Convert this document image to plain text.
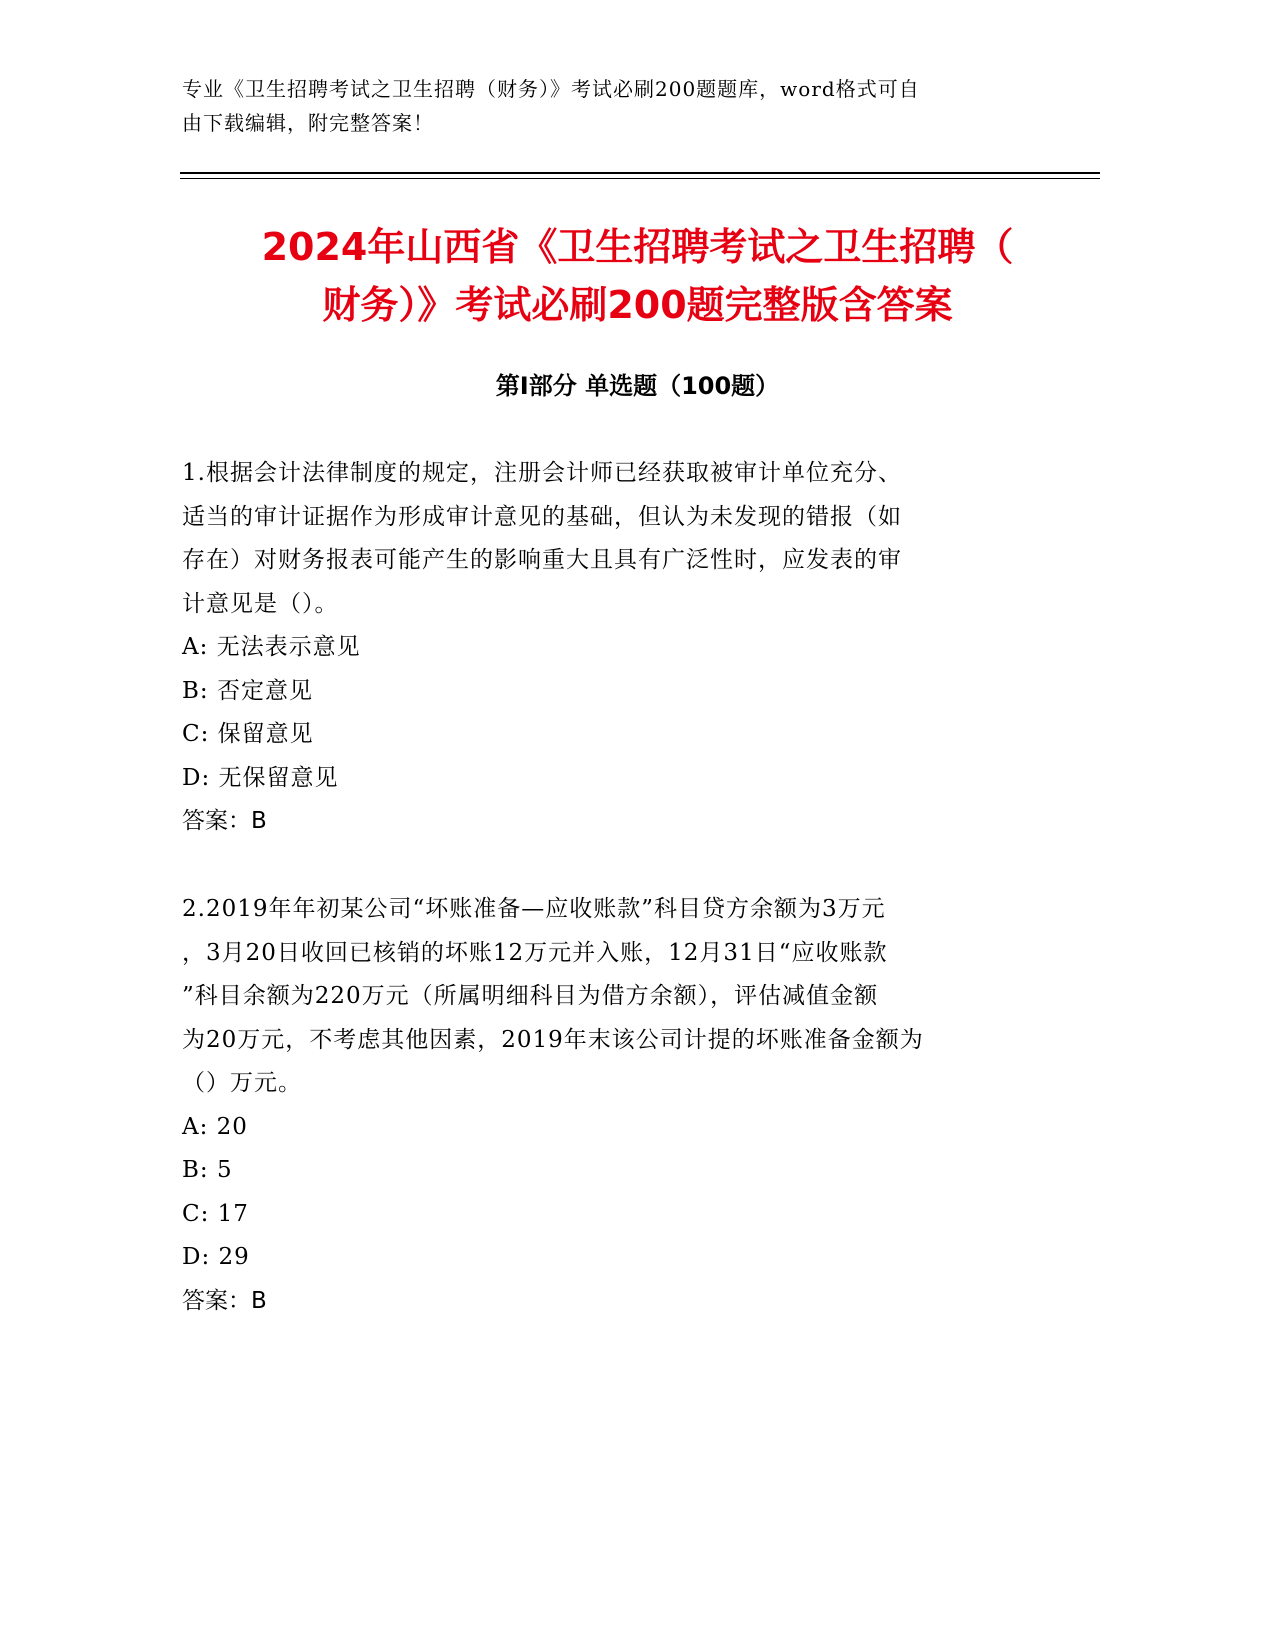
专业《卫生招聘考试之卫生招聘（财务）》考试必刷200题题库，word格式可自
由下载编辑，附完整答案！
2024年山西省《卫生招聘考试之卫生招聘（
财务）》考试必刷200题完整版含答案
第Ⅰ部分 单选题（100题）
1.根据会计法律制度的规定，注册会计师已经获取被审计单位充分、
适当的审计证据作为形成审计意见的基础，但认为未发现的错报（如
存在）对财务报表可能产生的影响重大且具有广泛性时，应发表的审
计意见是（）。
A: 无法表示意见
B: 否定意见
C: 保留意见
D: 无保留意见
答案：B
2.2019年年初某公司“坏账准备—应收账款”科目贷方余额为3万元
，3月20日收回已核销的坏账12万元并入账，12月31日“应收账款
”科目余额为220万元（所属明细科目为借方余额），评估减值金额
为20万元，不考虑其他因素，2019年末该公司计提的坏账准备金额为
（）万元。
A: 20
B: 5
C: 17
D: 29
答案：B
